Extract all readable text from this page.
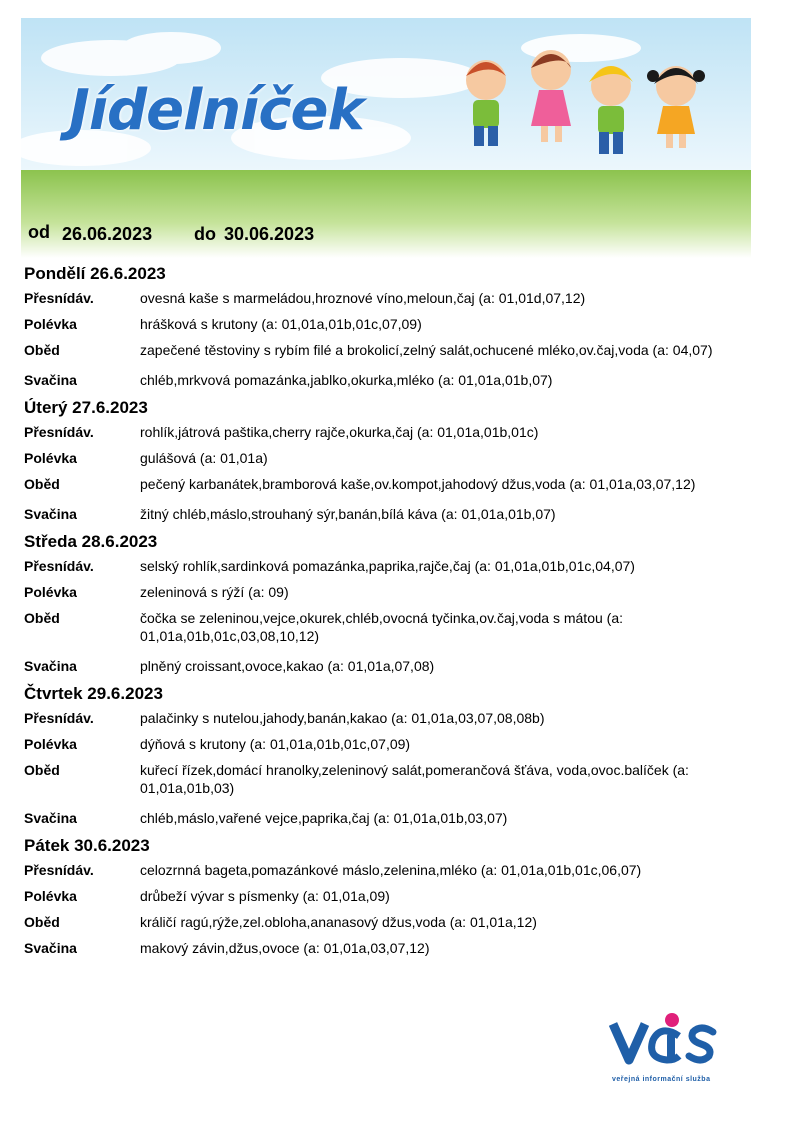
Jídelníček
od 26.06.2023 do 30.06.2023
Pondělí 26.6.2023
Přesnídáv.	ovesná kaše s marmeládou,hroznové víno,meloun,čaj (a: 01,01d,07,12)
Polévka	hrášková s krutony (a: 01,01a,01b,01c,07,09)
Oběd	zapečené těstoviny s rybím filé a brokolicí,zelný salát,ochucené mléko,ov.čaj,voda (a: 04,07)
Svačina	chléb,mrkvová pomazánka,jablko,okurka,mléko (a: 01,01a,01b,07)
Úterý 27.6.2023
Přesnídáv.	rohlík,játrová paštika,cherry rajče,okurka,čaj (a: 01,01a,01b,01c)
Polévka	gulášová (a: 01,01a)
Oběd	pečený karbanátek,bramborová kaše,ov.kompot,jahodový džus,voda (a: 01,01a,03,07,12)
Svačina	žitný chléb,máslo,strouhaný sýr,banán,bílá káva (a: 01,01a,01b,07)
Středa 28.6.2023
Přesnídáv.	selský rohlík,sardinková pomazánka,paprika,rajče,čaj (a: 01,01a,01b,01c,04,07)
Polévka	zeleninová s rýží (a: 09)
Oběd	čočka se zeleninou,vejce,okurek,chléb,ovocná tyčinka,ov.čaj,voda s mátou (a: 01,01a,01b,01c,03,08,10,12)
Svačina	plněný croissant,ovoce,kakao (a: 01,01a,07,08)
Čtvrtek 29.6.2023
Přesnídáv.	palačinky s nutelou,jahody,banán,kakao (a: 01,01a,03,07,08,08b)
Polévka	dýňová s krutony (a: 01,01a,01b,01c,07,09)
Oběd	kuřecí řízek,domácí hranolky,zeleninový salát,pomerančová šťáva, voda,ovoc.balíček (a: 01,01a,01b,03)
Svačina	chléb,máslo,vařené vejce,paprika,čaj (a: 01,01a,01b,03,07)
Pátek 30.6.2023
Přesnídáv.	celozrnná bageta,pomazánkové máslo,zelenina,mléko (a: 01,01a,01b,01c,06,07)
Polévka	drůbeží vývar s písmenky (a: 01,01a,09)
Oběd	králičí ragú,rýže,zel.obloha,ananasový džus,voda (a: 01,01a,12)
Svačina	makový závin,džus,ovoce (a: 01,01a,03,07,12)
veřejná informační služba
